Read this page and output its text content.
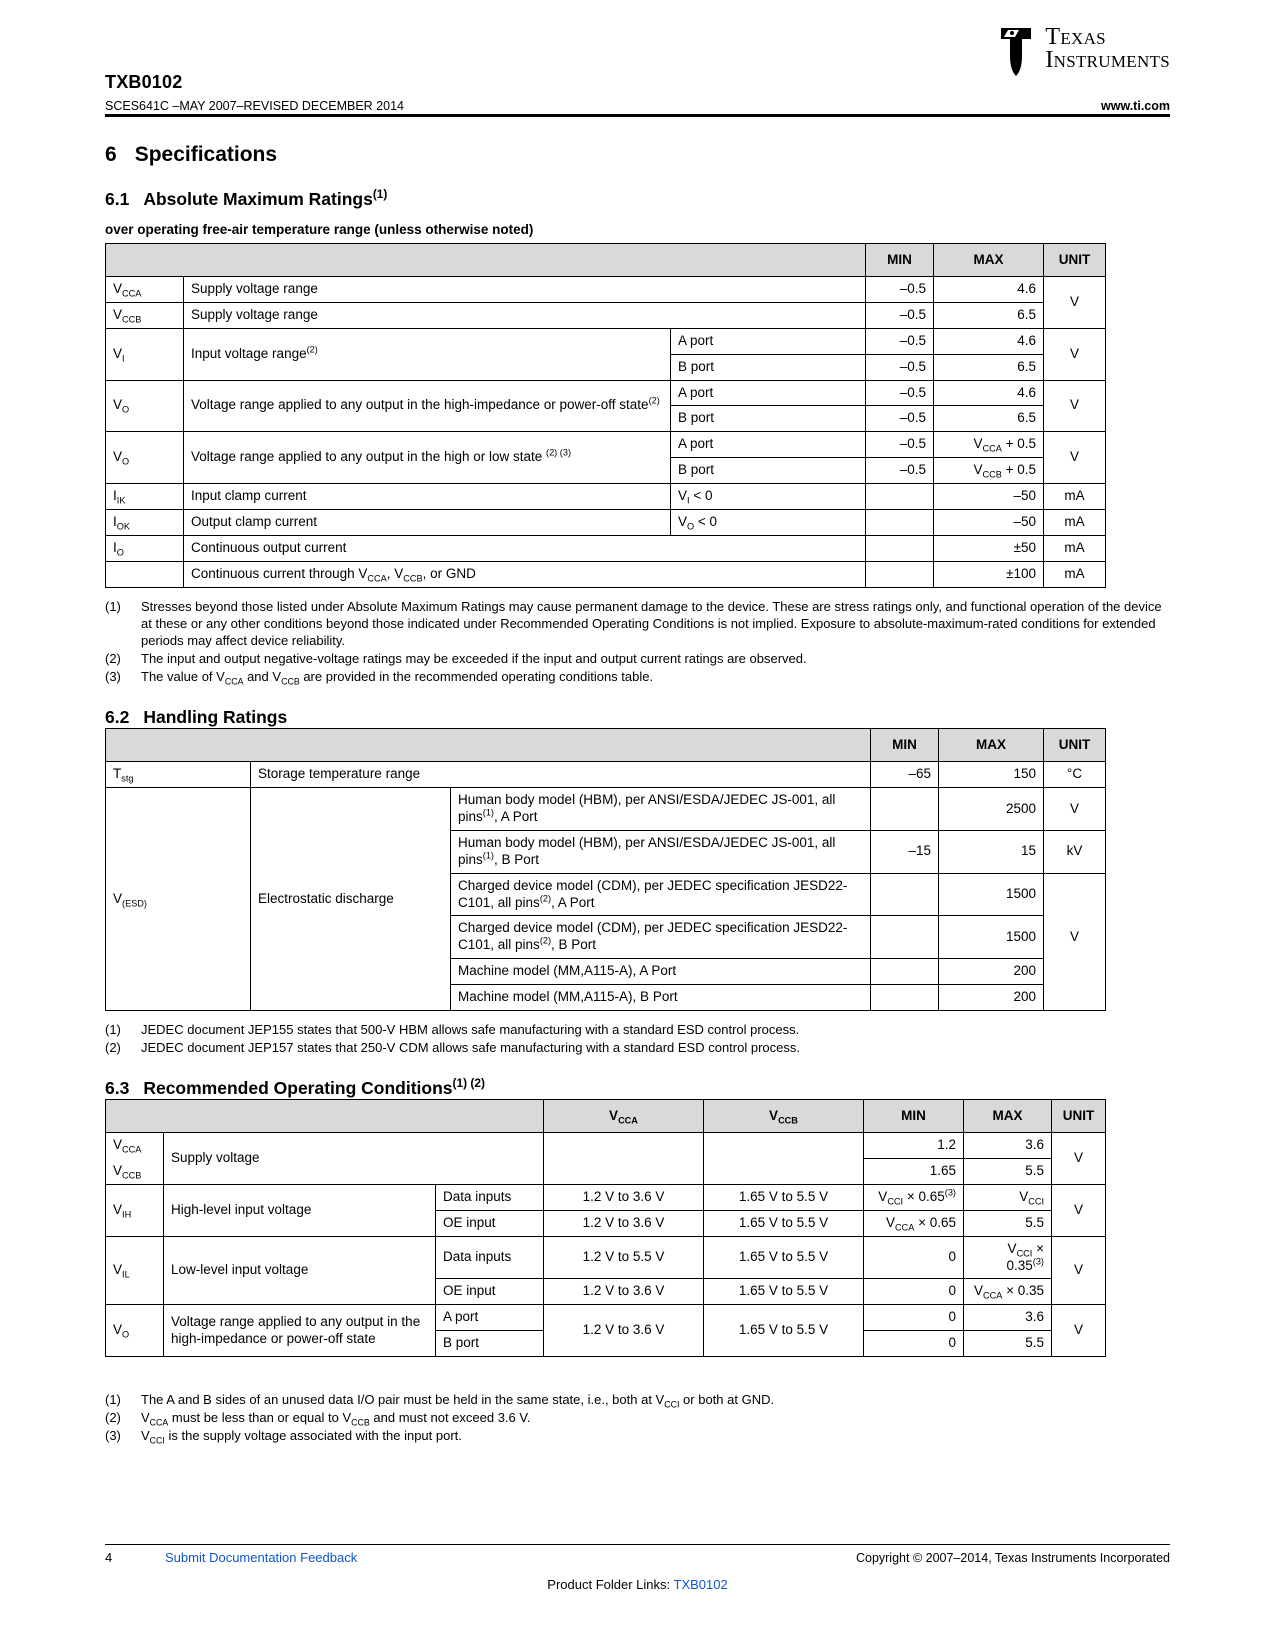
Texas
Instruments
TXB0102
SCES641C –MAY 2007–REVISED DECEMBER 2014	www.ti.com
6 Specifications
6.1 Absolute Maximum Ratings$^{(1)}$
over operating free-air temperature range (unless otherwise noted)
			MIN	MAX	UNIT
$V_{CCA}$	Supply voltage range		–0.5	4.6	V
$V_{CCB}$	Supply voltage range		–0.5	6.5	
$V_I$	Input voltage range$^{(2)}$	A port	–0.5	4.6	V
		B port	–0.5	6.5	
$V_O$	Voltage range applied to any output in the high-impedance or power-off state$^{(2)}$	A port	–0.5	4.6	V
		B port	–0.5	6.5	
$V_O$	Voltage range applied to any output in the high or low state $^{(2) (3)}$	A port	–0.5	$V_{CCA} + 0.5$	V
		B port	–0.5	$V_{CCB} + 0.5$	
$I_{IK}$	Input clamp current	$V_I < 0$		–50	mA
$I_{OK}$	Output clamp current	$V_O < 0$		–50	mA
$I_O$	Continuous output current			±50	mA
	Continuous current through $V_{CCA}$, $V_{CCB}$, or GND			±100	mA
(1)	Stresses beyond those listed under Absolute Maximum Ratings may cause permanent damage to the device. These are stress ratings only, and functional operation of the device at these or any other conditions beyond those indicated under Recommended Operating Conditions is not implied. Exposure to absolute-maximum-rated conditions for extended periods may affect device reliability.
(2)	The input and output negative-voltage ratings may be exceeded if the input and output current ratings are observed.
(3)	The value of $V_{CCA}$ and $V_{CCB}$ are provided in the recommended operating conditions table.
6.2 Handling Ratings
			MIN	MAX	UNIT
$T_{stg}$	Storage temperature range		–65	150	°C
$V_{(ESD)}$	Electrostatic discharge	Human body model (HBM), per ANSI/ESDA/JEDEC JS-001, all pins$^{(1)}$, A Port		2500	V
		Human body model (HBM), per ANSI/ESDA/JEDEC JS-001, all pins$^{(1)}$, B Port	–15	15	kV
		Charged device model (CDM), per JEDEC specification JESD22-C101, all pins$^{(2)}$, A Port		1500	
		Charged device model (CDM), per JEDEC specification JESD22-C101, all pins$^{(2)}$, B Port		1500	V
		Machine model (MM,A115-A), A Port		200	
		Machine model (MM,A115-A), B Port		200	
(1)	JEDEC document JEP155 states that 500-V HBM allows safe manufacturing with a standard ESD control process.
(2)	JEDEC document JEP157 states that 250-V CDM allows safe manufacturing with a standard ESD control process.
6.3 Recommended Operating Conditions$^{(1) (2)}$
			$V_{CCA}$	$V_{CCB}$	MIN	MAX	UNIT
$V_{CCA}$	Supply voltage				1.2	3.6	V
$V_{CCB}$					1.65	5.5	
$V_{IH}$	High-level input voltage	Data inputs	1.2 V to 3.6 V	1.65 V to 5.5 V	$V_{CCI} \times 0.65^{(3)}$	$V_{CCI}$	V
		OE input	1.2 V to 3.6 V	1.65 V to 5.5 V	$V_{CCA} \times 0.65$	5.5	
$V_{IL}$	Low-level input voltage	Data inputs	1.2 V to 5.5 V	1.65 V to 5.5 V	0	$V_{CCI} \times 0.35^{(3)}$	V
		OE input	1.2 V to 3.6 V	1.65 V to 5.5 V	0	$V_{CCA} \times 0.35$	
$V_O$	Voltage range applied to any output in the high-impedance or power-off state	A port	1.2 V to 3.6 V	1.65 V to 5.5 V	0	3.6	V
		B port			0	5.5	
(1)	The A and B sides of an unused data I/O pair must be held in the same state, i.e., both at $V_{CCI}$ or both at GND.
(2)	$V_{CCA}$ must be less than or equal to $V_{CCB}$ and must not exceed 3.6 V.
(3)	$V_{CCI}$ is the supply voltage associated with the input port.
4	Submit Documentation Feedback	Copyright © 2007–2014, Texas Instruments Incorporated
Product Folder Links: TXB0102
